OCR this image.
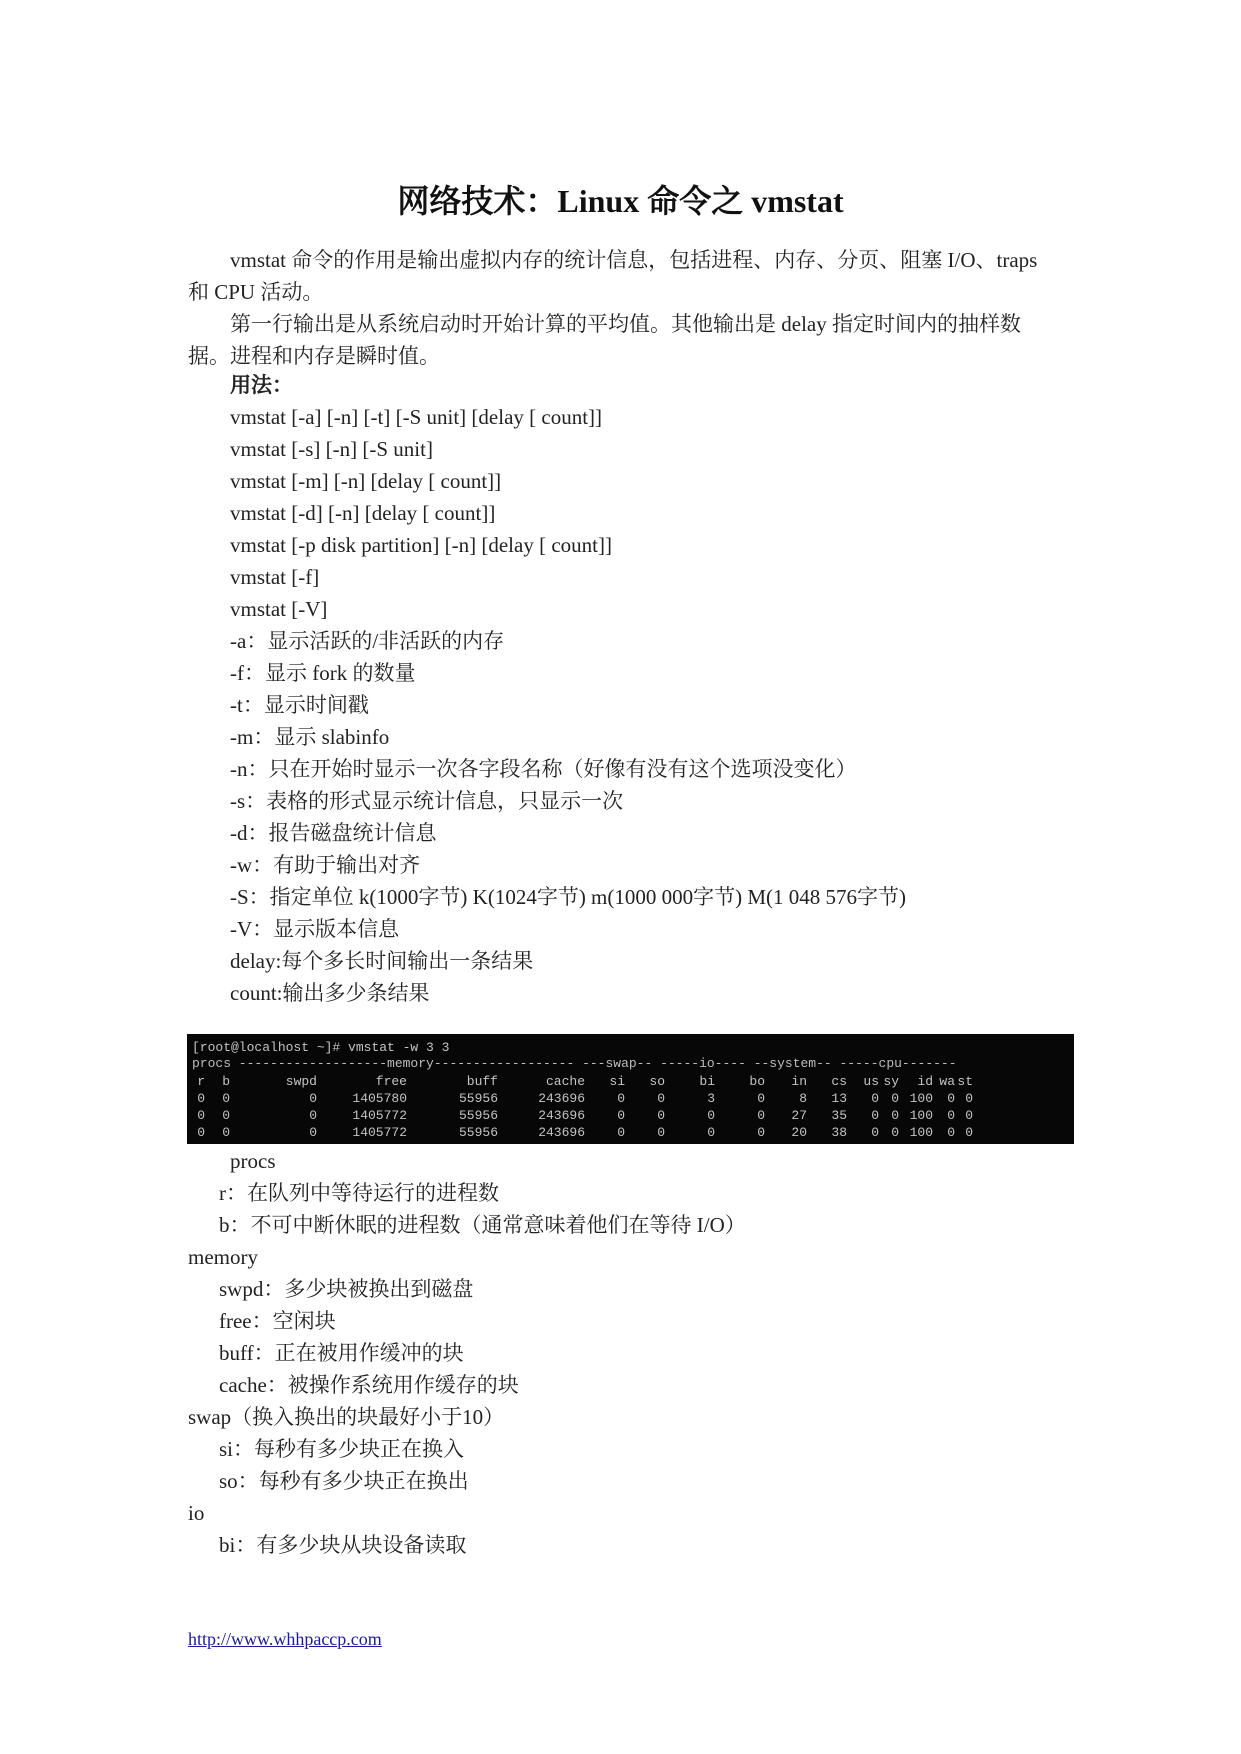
网络技术：Linux 命令之 vmstat

vmstat 命令的作用是输出虚拟内存的统计信息，包括进程、内存、分页、阻塞 I/O、traps 和 CPU 活动。

第一行输出是从系统启动时开始计算的平均值。其他输出是 delay 指定时间内的抽样数据。进程和内存是瞬时值。

用法：
vmstat [-a] [-n] [-t] [-S unit] [delay [ count]]
vmstat [-s] [-n] [-S unit]
vmstat [-m] [-n] [delay [ count]]
vmstat [-d] [-n] [delay [ count]]
vmstat [-p disk partition] [-n] [delay [ count]]
vmstat [-f]
vmstat [-V]
-a：显示活跃的/非活跃的内存
-f：显示 fork 的数量
-t：显示时间戳
-m：显示 slabinfo
-n：只在开始时显示一次各字段名称（好像有没有这个选项没变化）
-s：表格的形式显示统计信息，只显示一次
-d：报告磁盘统计信息
-w：有助于输出对齐
-S：指定单位 k(1000字节) K(1024字节) m(1000 000字节) M(1 048 576字节)
-V：显示版本信息
delay:每个多长时间输出一条结果
count:输出多少条结果
[root@localhost ~]# vmstat -w 3 3
procs -------------------memory------------------ ---swap-- -----io---- --system-- -----cpu-------
r	b	swpd	free	buff	cache	si	so	bi	bo	in	cs	us sy	id wa st
0	0	0	1405780	55956	243696	0	0	3	0	8	13	0 0 100	0 0
0	0	0	1405772	55956	243696	0	0	0	0	27	35	0 0 100	0 0
0	0	0	1405772	55956	243696	0	0	0	0	20	38	0 0 100	0 0
procs
r：在队列中等待运行的进程数
b：不可中断休眠的进程数（通常意味着他们在等待 I/O）
memory
swpd：多少块被换出到磁盘
free：空闲块
buff：正在被用作缓冲的块
cache：被操作系统用作缓存的块
swap（换入换出的块最好小于10）
si：每秒有多少块正在换入
so：每秒有多少块正在换出
io
bi：有多少块从块设备读取
http://www.whhpaccp.com
